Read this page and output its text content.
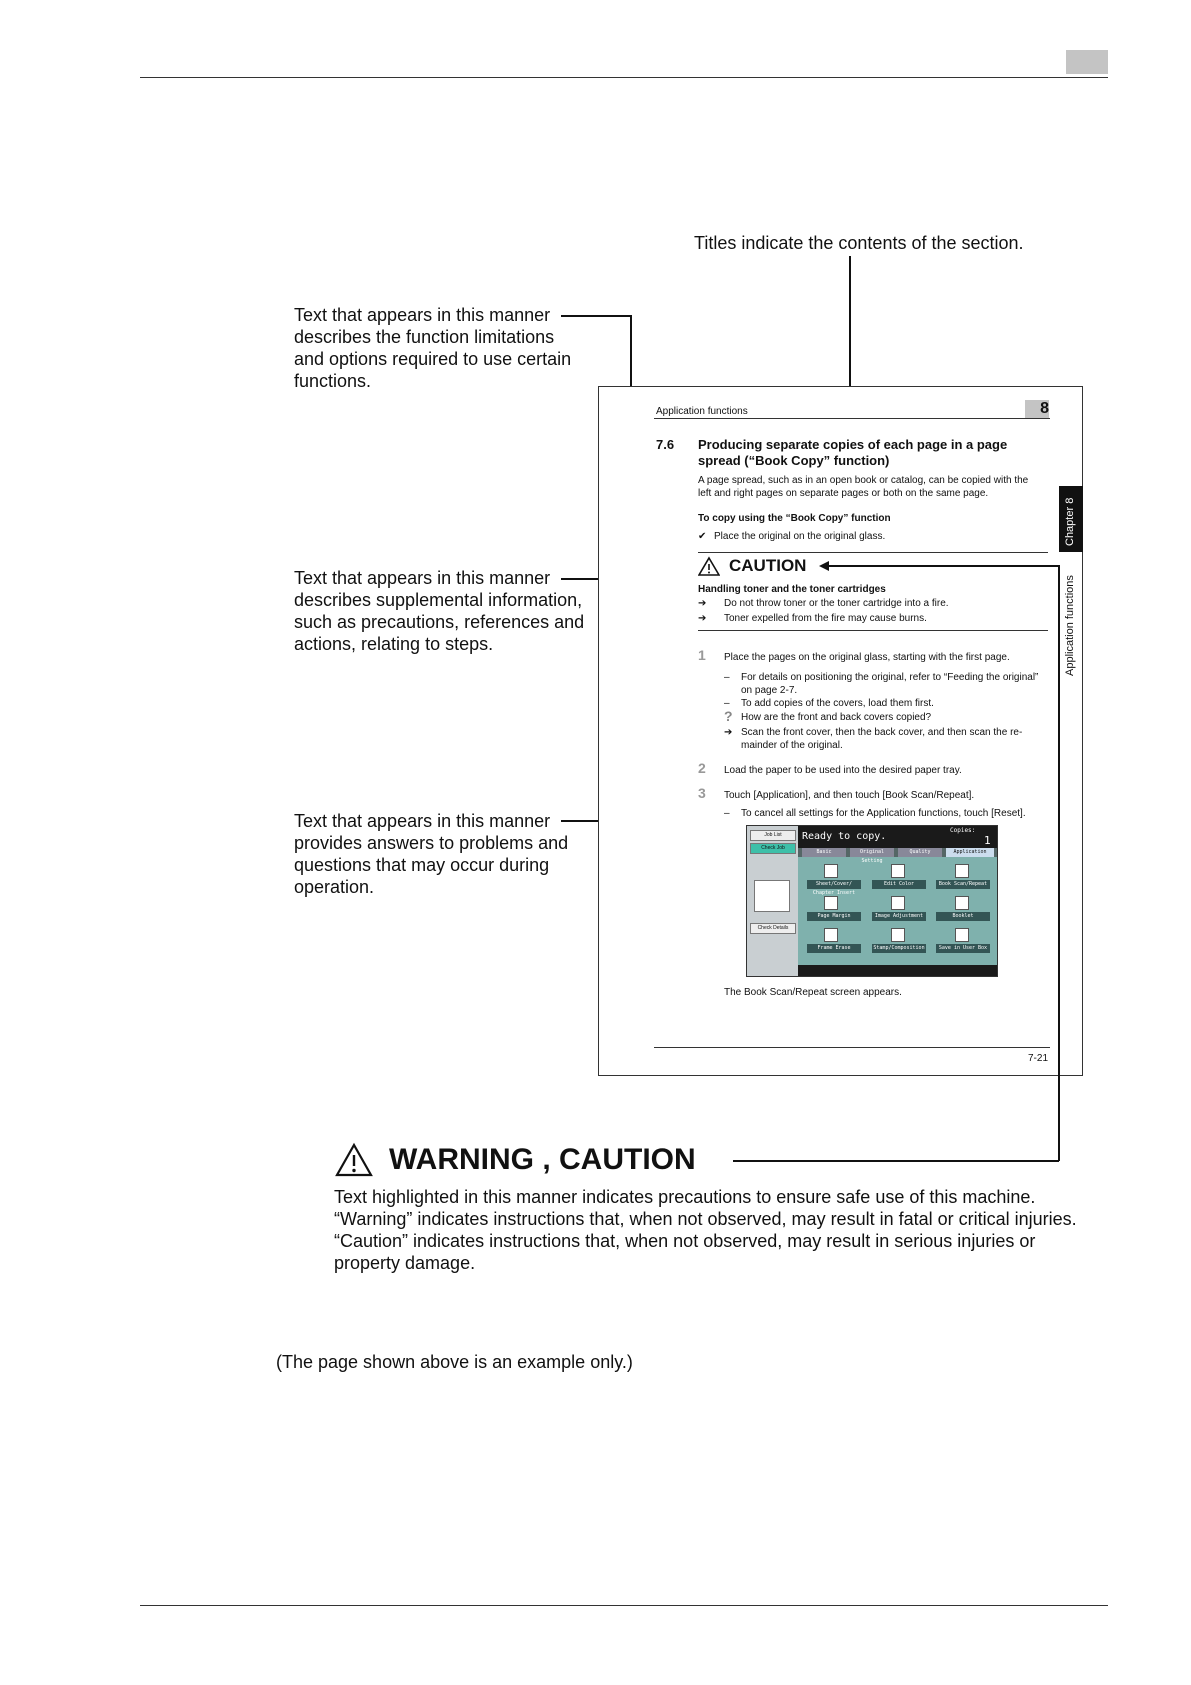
Titles indicate the contents of the section.
Text that appears in this manner
describes the function limitations
and options required to use certain
functions.
Text that appears in this manner
describes supplemental information,
such as precautions, references and
actions, relating to steps.
Text that appears in this manner
provides answers to problems and
questions that may occur during
operation.
Application functions	8
7.6 Producing separate copies of each page in a page
spread (“Book Copy” function)
A page spread, such as in an open book or catalog, can be copied with the
left and right pages on separate pages or both on the same page.
To copy using the “Book Copy” function
✔ Place the original on the original glass.	Chapter 8
Application functions
CAUTION
Handling toner and the toner cartridges
➔ Do not throw toner or the toner cartridge into a fire.
➔ Toner expelled from the fire may cause burns.
1 Place the pages on the original glass, starting with the first page.
– For details on positioning the original, refer to “Feeding the original”
on page 2-7.
– To add copies of the covers, load them first.
? How are the front and back covers copied?
➔ Scan the front cover, then the back cover, and then scan the re-
mainder of the original.
2 Load the paper to be used into the desired paper tray.
3 Touch [Application], and then touch [Book Scan/Repeat].
– To cancel all settings for the Application functions, touch [Reset].
Job List
Check Job
Check Details
Ready to copy.
Copies:
1
Basic	Original Setting
Quality	Application
Sheet/Cover/ Chapter Insert
Edit Color	Book Scan/Repeat
Page Margin	Image Adjustment	Booklet
Frame Erase	Stamp/Composition	Save in User Box
The Book Scan/Repeat screen appears.
7-21
WARNING , CAUTION
Text highlighted in this manner indicates precautions to ensure safe use of this machine.
“Warning” indicates instructions that, when not observed, may result in fatal or critical injuries.
“Caution” indicates instructions that, when not observed, may result in serious injuries or
property damage.
(The page shown above is an example only.)
